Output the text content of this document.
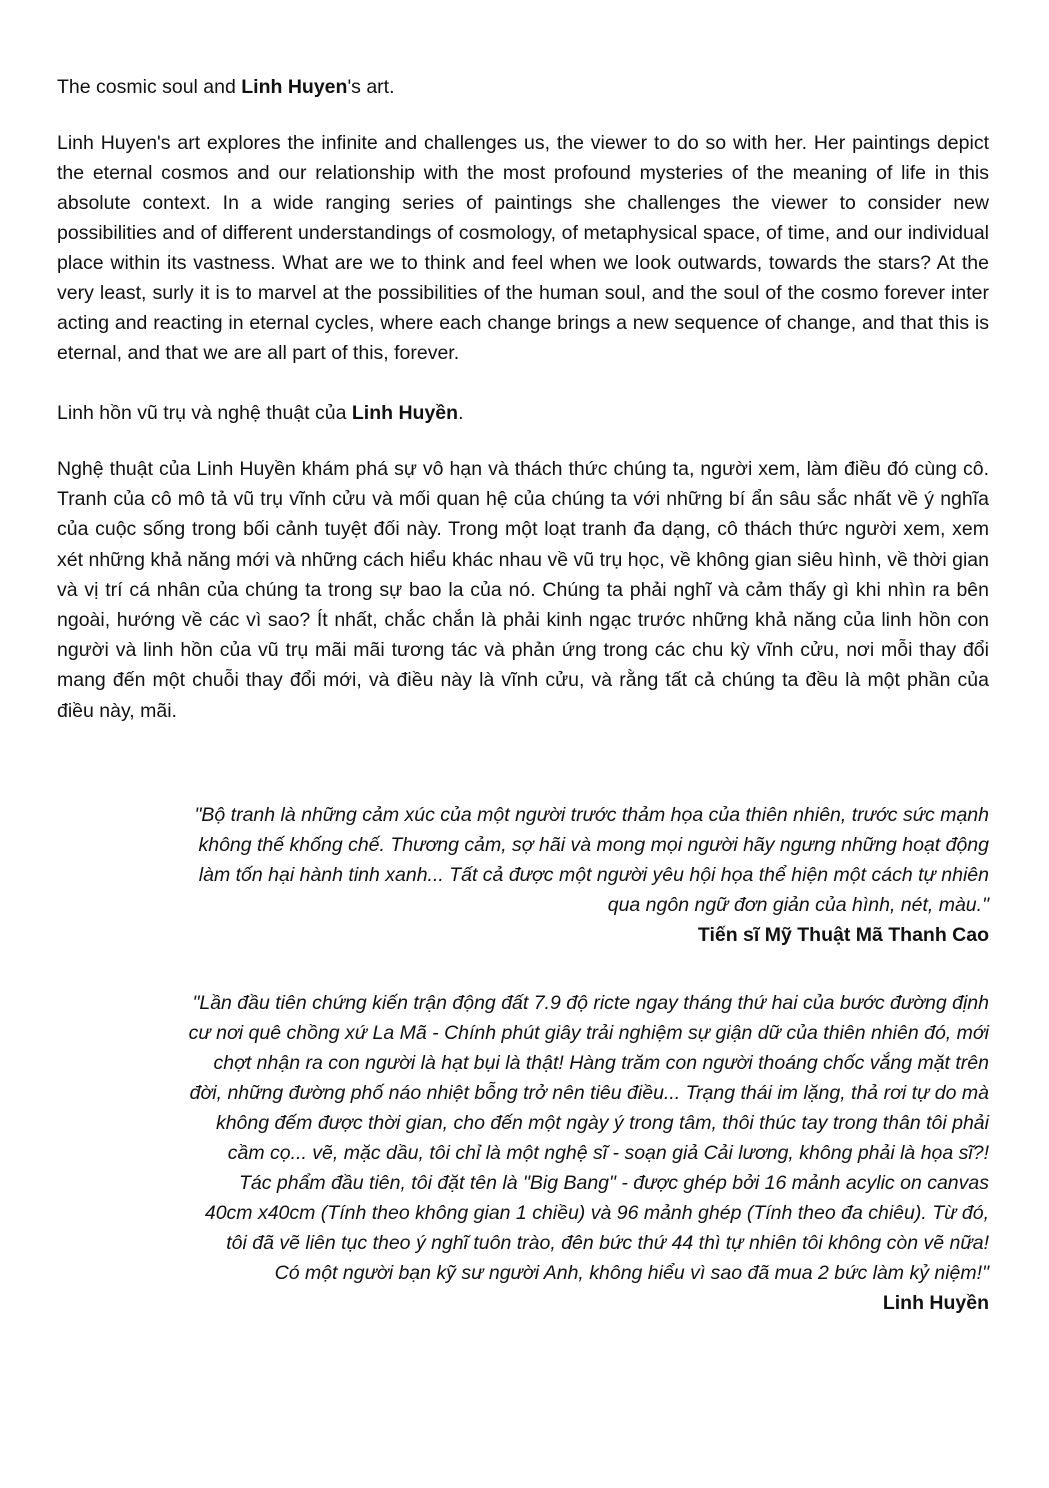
The cosmic soul and Linh Huyen's art.

Linh Huyen's art explores the infinite and challenges us, the viewer to do so with her. Her paintings depict the eternal cosmos and our relationship with the most profound mysteries of the meaning of life in this absolute context. In a wide ranging series of paintings she challenges the viewer to consider new possibilities and of different understandings of cosmology, of metaphysical space, of time, and our individual place within its vastness. What are we to think and feel when we look outwards, towards the stars? At the very least, surly it is to marvel at the possibilities of the human soul, and the soul of the cosmo forever inter acting and reacting in eternal cycles, where each change brings a new sequence of change, and that this is eternal, and that we are all part of this, forever.

Linh hồn vũ trụ và nghệ thuật của Linh Huyền.

Nghệ thuật của Linh Huyền khám phá sự vô hạn và thách thức chúng ta, người xem, làm điều đó cùng cô. Tranh của cô mô tả vũ trụ vĩnh cửu và mối quan hệ của chúng ta với những bí ẩn sâu sắc nhất về ý nghĩa của cuộc sống trong bối cảnh tuyệt đối này. Trong một loạt tranh đa dạng, cô thách thức người xem, xem xét những khả năng mới và những cách hiểu khác nhau về vũ trụ học, về không gian siêu hình, về thời gian và vị trí cá nhân của chúng ta trong sự bao la của nó. Chúng ta phải nghĩ và cảm thấy gì khi nhìn ra bên ngoài, hướng về các vì sao? Ít nhất, chắc chắn là phải kinh ngạc trước những khả năng của linh hồn con người và linh hồn của vũ trụ mãi mãi tương tác và phản ứng trong các chu kỳ vĩnh cửu, nơi mỗi thay đổi mang đến một chuỗi thay đổi mới, và điều này là vĩnh cửu, và rằng tất cả chúng ta đều là một phần của điều này, mãi.

"Bộ tranh là những cảm xúc của một người trước thảm họa của thiên nhiên, trước sức mạnh

không thế khống chế. Thương cảm, sợ hãi và mong mọi người hãy ngưng những hoạt động

làm tốn hại hành tinh xanh... Tất cả được một người yêu hội họa thể hiện một cách tự nhiên

qua ngôn ngữ đơn giản của hình, nét, màu."

Tiến sĩ Mỹ Thuật Mã Thanh Cao

"Lần đầu tiên chứng kiến trận động đất 7.9 độ ricte ngay tháng thứ hai của bước đường định

cư nơi quê chồng xứ La Mã - Chính phút giây trải nghiệm sự giận dữ của thiên nhiên đó, mới

chợt nhận ra con người là hạt bụi là thật! Hàng trăm con người thoáng chốc vắng mặt trên

đời, những đường phố náo nhiệt bỗng trở nên tiêu điều... Trạng thái im lặng, thả rơi tự do mà

không đếm được thời gian, cho đến một ngày ý trong tâm, thôi thúc tay trong thân tôi phải

cầm cọ... vẽ, mặc dầu, tôi chỉ là một nghệ sĩ - soạn giả Cải lương, không phải là họa sĩ?!

Tác phẩm đầu tiên, tôi đặt tên là "Big Bang" - được ghép bởi 16 mảnh acylic on canvas

40cm x40cm (Tính theo không gian 1 chiều) và 96 mảnh ghép (Tính theo đa chiêu). Từ đó,

tôi đã vẽ liên tục theo ý nghĩ tuôn trào, đên bức thứ 44 thì tự nhiên tôi không còn vẽ nữa!

Có một người bạn kỹ sư người Anh, không hiểu vì sao đã mua 2 bức làm kỷ niệm!"

Linh Huyền
